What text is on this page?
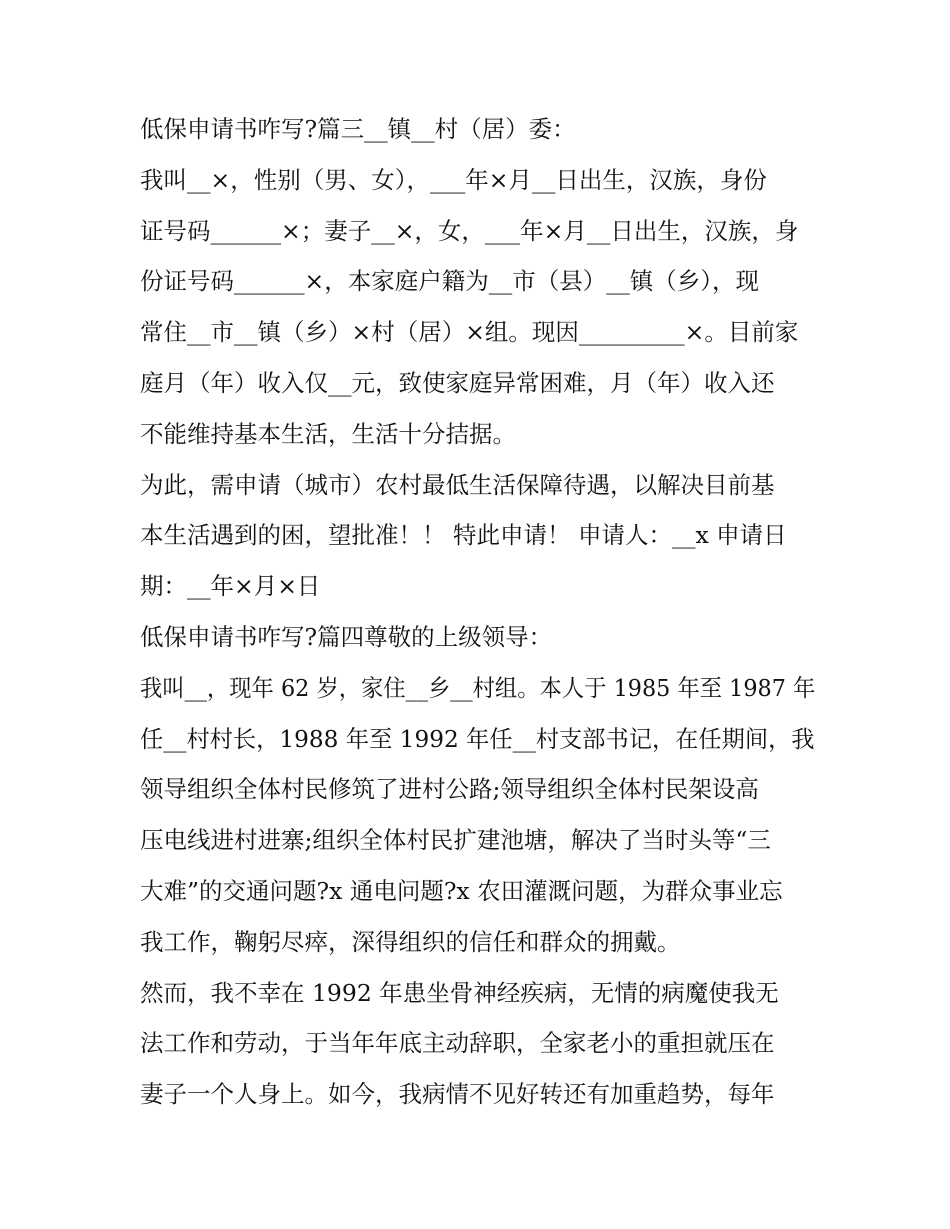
低保申请书咋写?篇三__镇__村（居）委：
我叫__×，性别（男、女），___年×月__日出生，汉族，身份
证号码______×；妻子__×，女，___年×月__日出生，汉族，身
份证号码______×，本家庭户籍为__市（县）__镇（乡），现
常住__市__镇（乡）×村（居）×组。现因_________×。目前家
庭月（年）收入仅__元，致使家庭异常困难，月（年）收入还
不能维持基本生活，生活十分拮据。
为此，需申请（城市）农村最低生活保障待遇，以解决目前基
本生活遇到的困，望批准！！ 特此申请！ 申请人：__x 申请日
期：__年×月×日
低保申请书咋写?篇四尊敬的上级领导：
我叫__，现年 62 岁，家住__乡__村组。本人于 1985 年至 1987 年
任__村村长，1988 年至 1992 年任__村支部书记，在任期间，我
领导组织全体村民修筑了进村公路;领导组织全体村民架设高
压电线进村进寨;组织全体村民扩建池塘，解决了当时头等“三
大难”的交通问题?x 通电问题?x 农田灌溉问题，为群众事业忘
我工作，鞠躬尽瘁，深得组织的信任和群众的拥戴。
然而，我不幸在 1992 年患坐骨神经疾病，无情的病魔使我无
法工作和劳动，于当年年底主动辞职，全家老小的重担就压在
妻子一个人身上。如今，我病情不见好转还有加重趋势，每年
